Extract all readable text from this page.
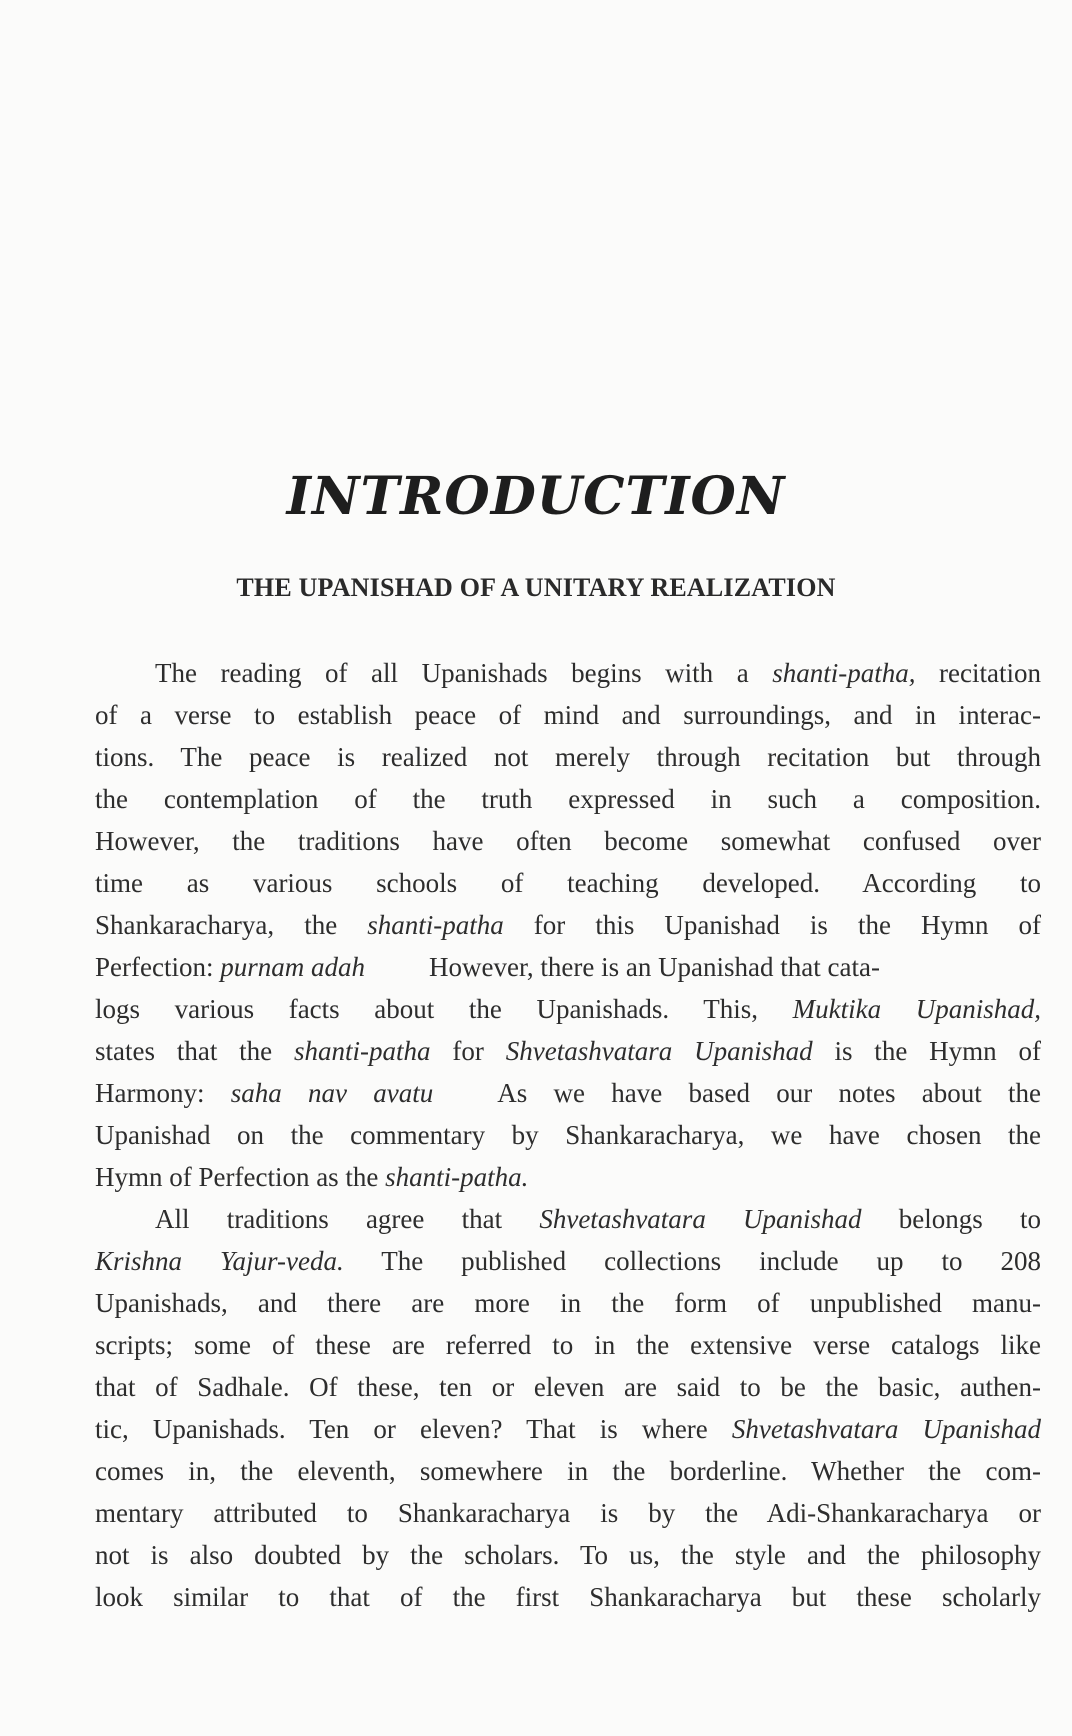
INTRODUCTION
THE UPANISHAD OF A UNITARY REALIZATION
The reading of all Upanishads begins with a shanti-patha, recitation
of a verse to establish peace of mind and surroundings, and in interac-
tions. The peace is realized not merely through recitation but through
the contemplation of the truth expressed in such a composition.
However, the traditions have often become somewhat confused over
time as various schools of teaching developed. According to
Shankaracharya, the shanti-patha for this Upanishad is the Hymn of
Perfection: purnam adah However, there is an Upanishad that cata-
logs various facts about the Upanishads. This, Muktika Upanishad,
states that the shanti-patha for Shvetashvatara Upanishad is the Hymn of
Harmony: saha nav avatu As we have based our notes about the
Upanishad on the commentary by Shankaracharya, we have chosen the
Hymn of Perfection as the shanti-patha.
All traditions agree that Shvetashvatara Upanishad belongs to
Krishna Yajur-veda. The published collections include up to 208
Upanishads, and there are more in the form of unpublished manu-
scripts; some of these are referred to in the extensive verse catalogs like
that of Sadhale. Of these, ten or eleven are said to be the basic, authen-
tic, Upanishads. Ten or eleven? That is where Shvetashvatara Upanishad
comes in, the eleventh, somewhere in the borderline. Whether the com-
mentary attributed to Shankaracharya is by the Adi-Shankaracharya or
not is also doubted by the scholars. To us, the style and the philosophy
look similar to that of the first Shankaracharya but these scholarly
